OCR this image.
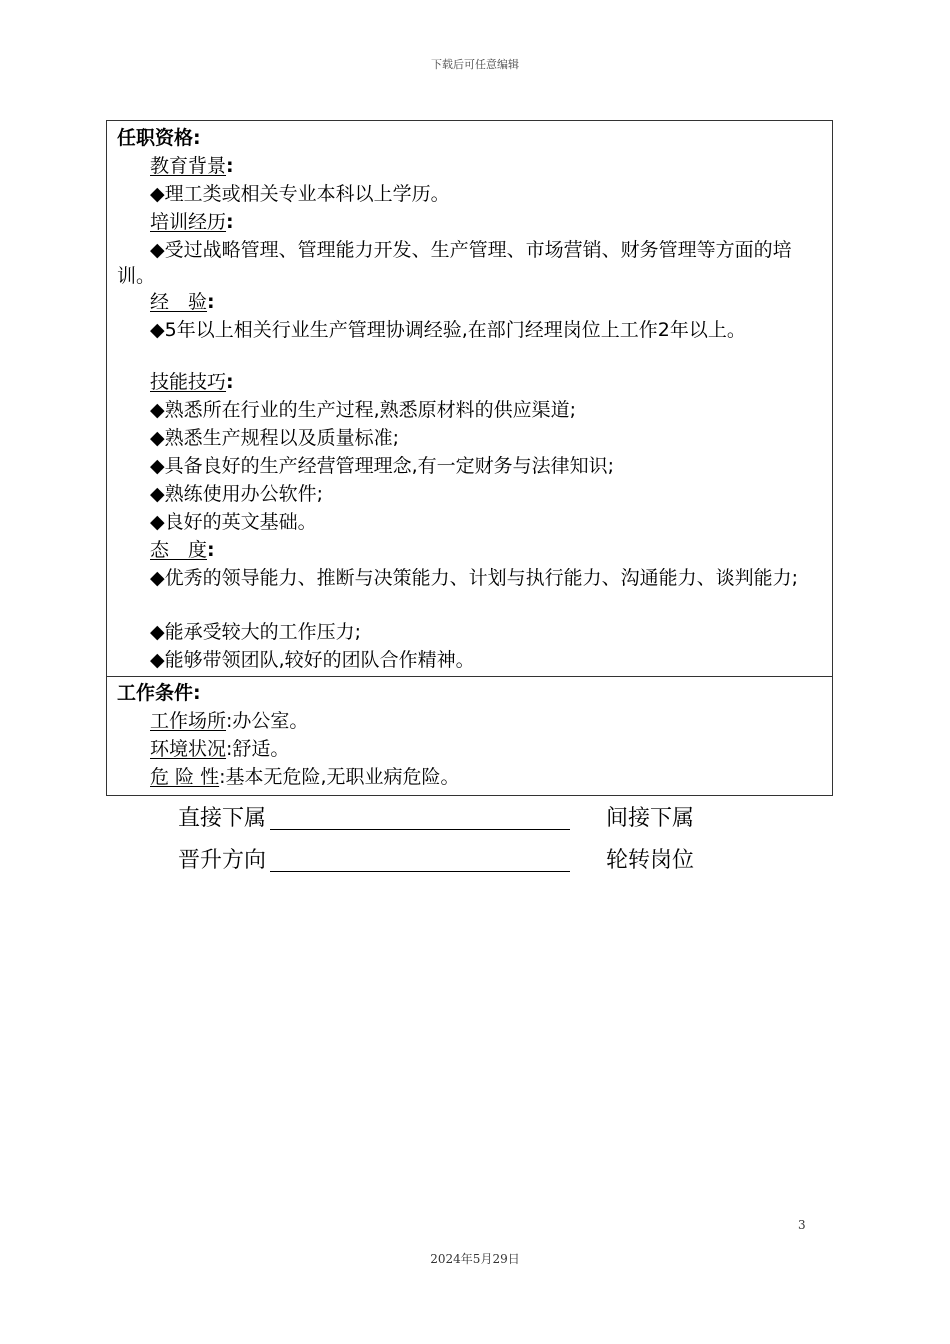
下载后可任意编辑
任职资格:
教育背景:
◆理工类或相关专业本科以上学历。
培训经历:
◆受过战略管理、管理能力开发、生产管理、市场营销、财务管理等方面的培训。
经　验:
◆5年以上相关行业生产管理协调经验,在部门经理岗位上工作2年以上。
技能技巧:
◆熟悉所在行业的生产过程,熟悉原材料的供应渠道;
◆熟悉生产规程以及质量标准;
◆具备良好的生产经营管理理念,有一定财务与法律知识;
◆熟练使用办公软件;
◆良好的英文基础。
态　度:
◆优秀的领导能力、推断与决策能力、计划与执行能力、沟通能力、谈判能力;
◆能承受较大的工作压力;
◆能够带领团队,较好的团队合作精神。
工作条件:
工作场所:办公室。
环境状况:舒适。
危 险 性:基本无危险,无职业病危险。
直接下属	间接下属
晋升方向	轮转岗位
3
2024年5月29日
